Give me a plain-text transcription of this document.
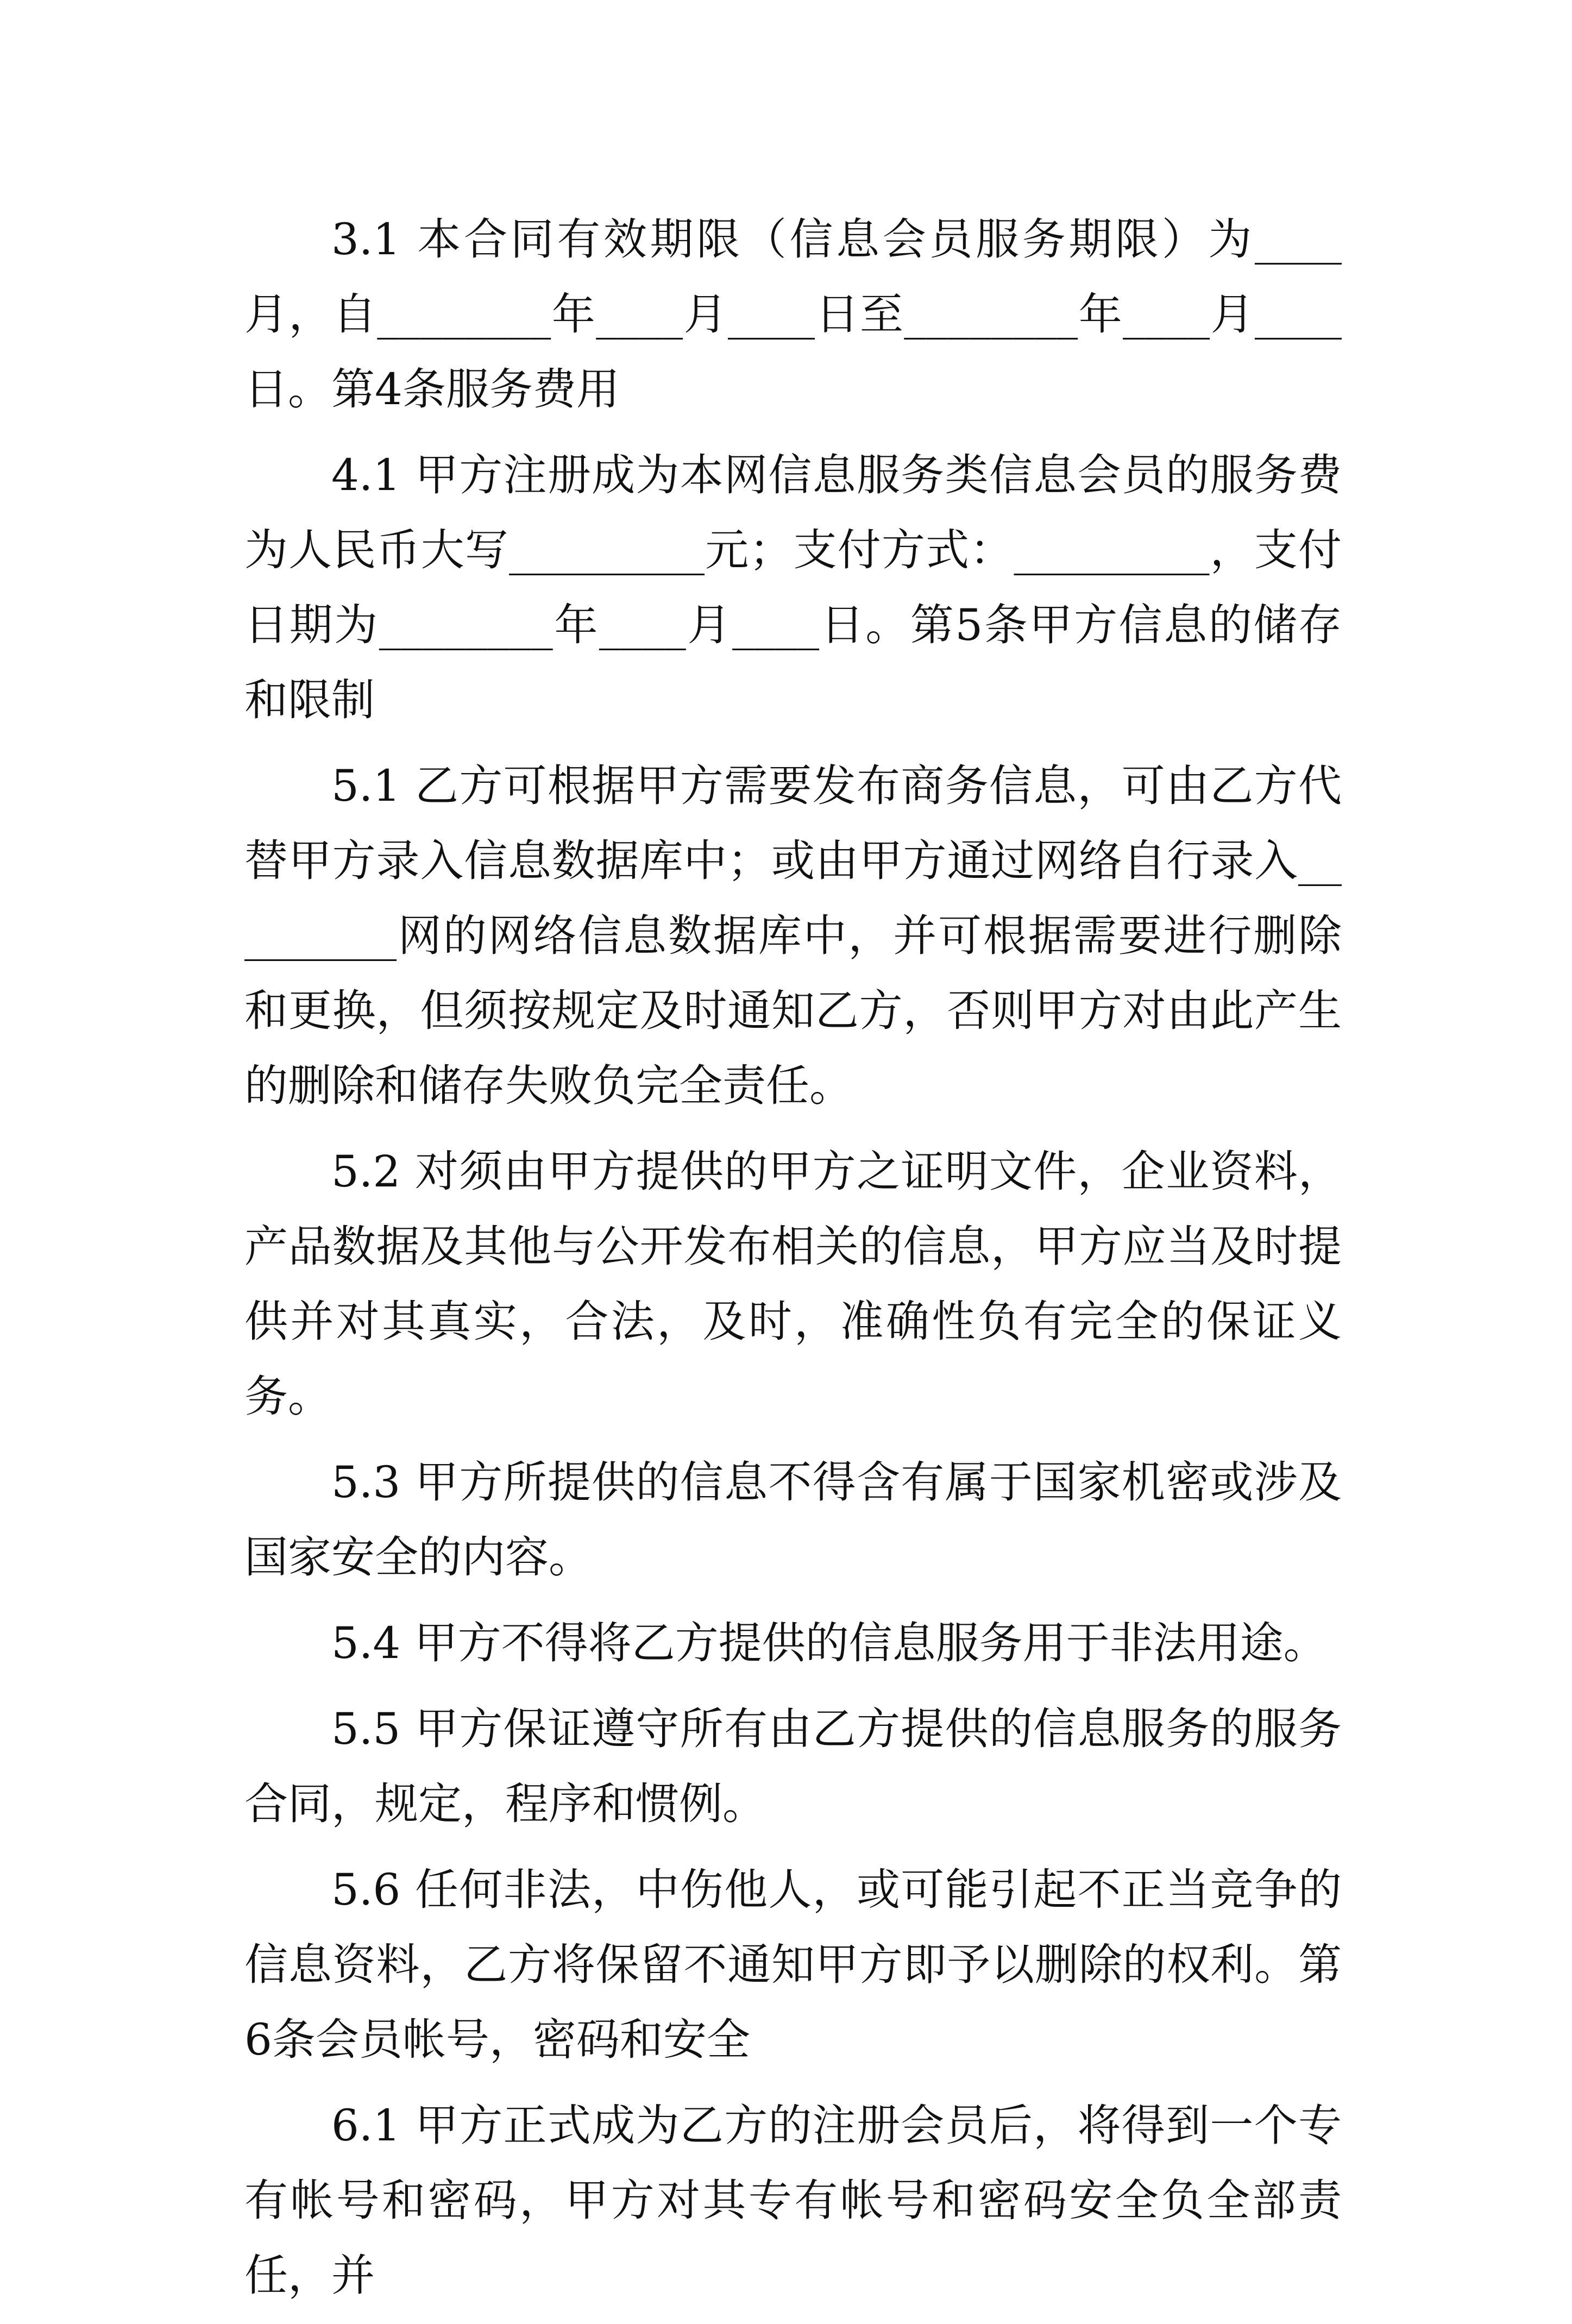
3.1 本合同有效期限（信息会员服务期限）为____月，自________年____月____日至________年____月____日。第4条服务费用

4.1 甲方注册成为本网信息服务类信息会员的服务费为人民币大写_________元；支付方式：_________，支付日期为________年____月____日。第5条甲方信息的储存和限制

5.1 乙方可根据甲方需要发布商务信息，可由乙方代替甲方录入信息数据库中；或由甲方通过网络自行录入_________网的网络信息数据库中，并可根据需要进行删除和更换，但须按规定及时通知乙方，否则甲方对由此产生的删除和储存失败负完全责任。

5.2 对须由甲方提供的甲方之证明文件，企业资料，产品数据及其他与公开发布相关的信息，甲方应当及时提供并对其真实，合法，及时，准确性负有完全的保证义务。

5.3 甲方所提供的信息不得含有属于国家机密或涉及国家安全的内容。

5.4 甲方不得将乙方提供的信息服务用于非法用途。

5.5 甲方保证遵守所有由乙方提供的信息服务的服务合同，规定，程序和惯例。

5.6 任何非法，中伤他人，或可能引起不正当竞争的信息资料，乙方将保留不通知甲方即予以删除的权利。第6条会员帐号，密码和安全

6.1 甲方正式成为乙方的注册会员后，将得到一个专有帐号和密码，甲方对其专有帐号和密码安全负全部责任，并
